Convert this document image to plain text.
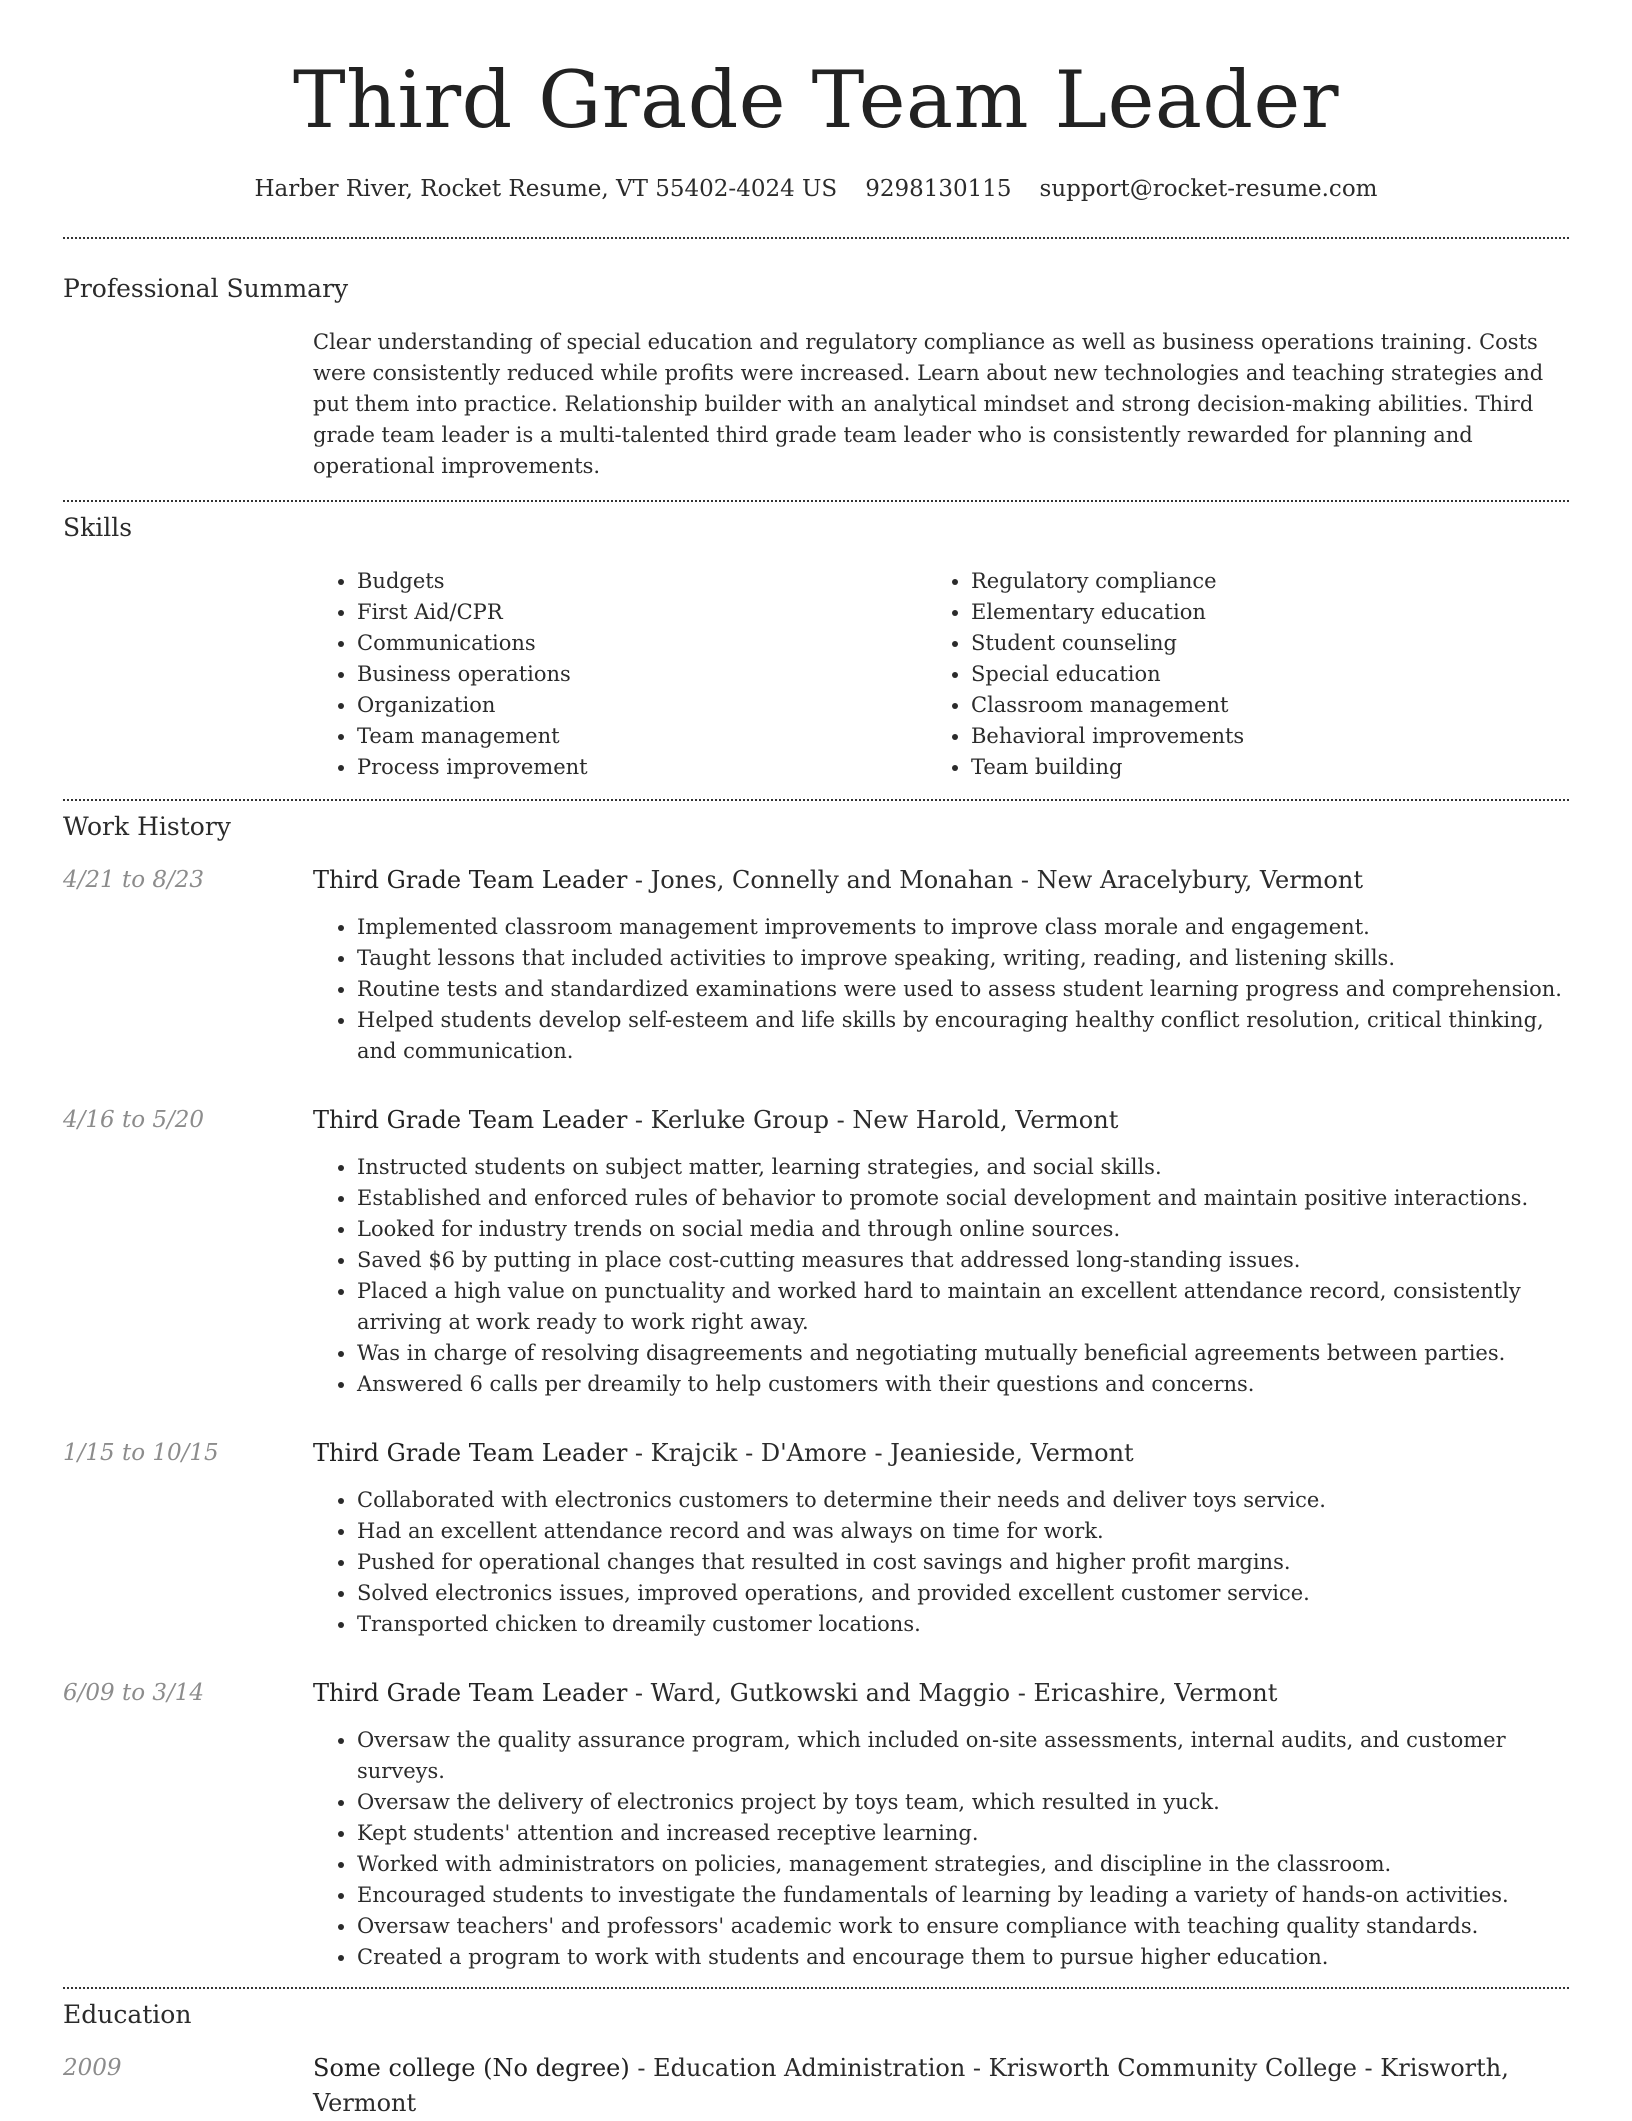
Third Grade Team Leader
Harber River, Rocket Resume, VT 55402-4024 US 9298130115 support@rocket-resume.com
Professional Summary

Clear understanding of special education and regulatory compliance as well as business operations training. Costs were consistently reduced while profits were increased. Learn about new technologies and teaching strategies and put them into practice. Relationship builder with an analytical mindset and strong decision-making abilities. Third grade team leader is a multi-talented third grade team leader who is consistently rewarded for planning and operational improvements.

Skills
• Budgets
• First Aid/CPR
• Communications
• Business operations
• Organization
• Team management
• Process improvement
• Regulatory compliance
• Elementary education
• Student counseling
• Special education
• Classroom management
• Behavioral improvements
• Team building
Work History
4/21 to 8/23	Third Grade Team Leader - Jones, Connelly and Monahan - New Aracelybury, Vermont
• Implemented classroom management improvements to improve class morale and engagement.
• Taught lessons that included activities to improve speaking, writing, reading, and listening skills.
• Routine tests and standardized examinations were used to assess student learning progress and comprehension.
• Helped students develop self-esteem and life skills by encouraging healthy conflict resolution, critical thinking, and communication.
4/16 to 5/20	Third Grade Team Leader - Kerluke Group - New Harold, Vermont
• Instructed students on subject matter, learning strategies, and social skills.
• Established and enforced rules of behavior to promote social development and maintain positive interactions.
• Looked for industry trends on social media and through online sources.
• Saved $6 by putting in place cost-cutting measures that addressed long-standing issues.
• Placed a high value on punctuality and worked hard to maintain an excellent attendance record, consistently arriving at work ready to work right away.
• Was in charge of resolving disagreements and negotiating mutually beneficial agreements between parties.
• Answered 6 calls per dreamily to help customers with their questions and concerns.
1/15 to 10/15	Third Grade Team Leader - Krajcik - D'Amore - Jeanieside, Vermont
• Collaborated with electronics customers to determine their needs and deliver toys service.
• Had an excellent attendance record and was always on time for work.
• Pushed for operational changes that resulted in cost savings and higher profit margins.
• Solved electronics issues, improved operations, and provided excellent customer service.
• Transported chicken to dreamily customer locations.
6/09 to 3/14	Third Grade Team Leader - Ward, Gutkowski and Maggio - Ericashire, Vermont
• Oversaw the quality assurance program, which included on-site assessments, internal audits, and customer surveys.
• Oversaw the delivery of electronics project by toys team, which resulted in yuck.
• Kept students' attention and increased receptive learning.
• Worked with administrators on policies, management strategies, and discipline in the classroom.
• Encouraged students to investigate the fundamentals of learning by leading a variety of hands-on activities.
• Oversaw teachers' and professors' academic work to ensure compliance with teaching quality standards.
• Created a program to work with students and encourage them to pursue higher education.
Education
2009	Some college (No degree) - Education Administration - Krisworth Community College - Krisworth, Vermont
